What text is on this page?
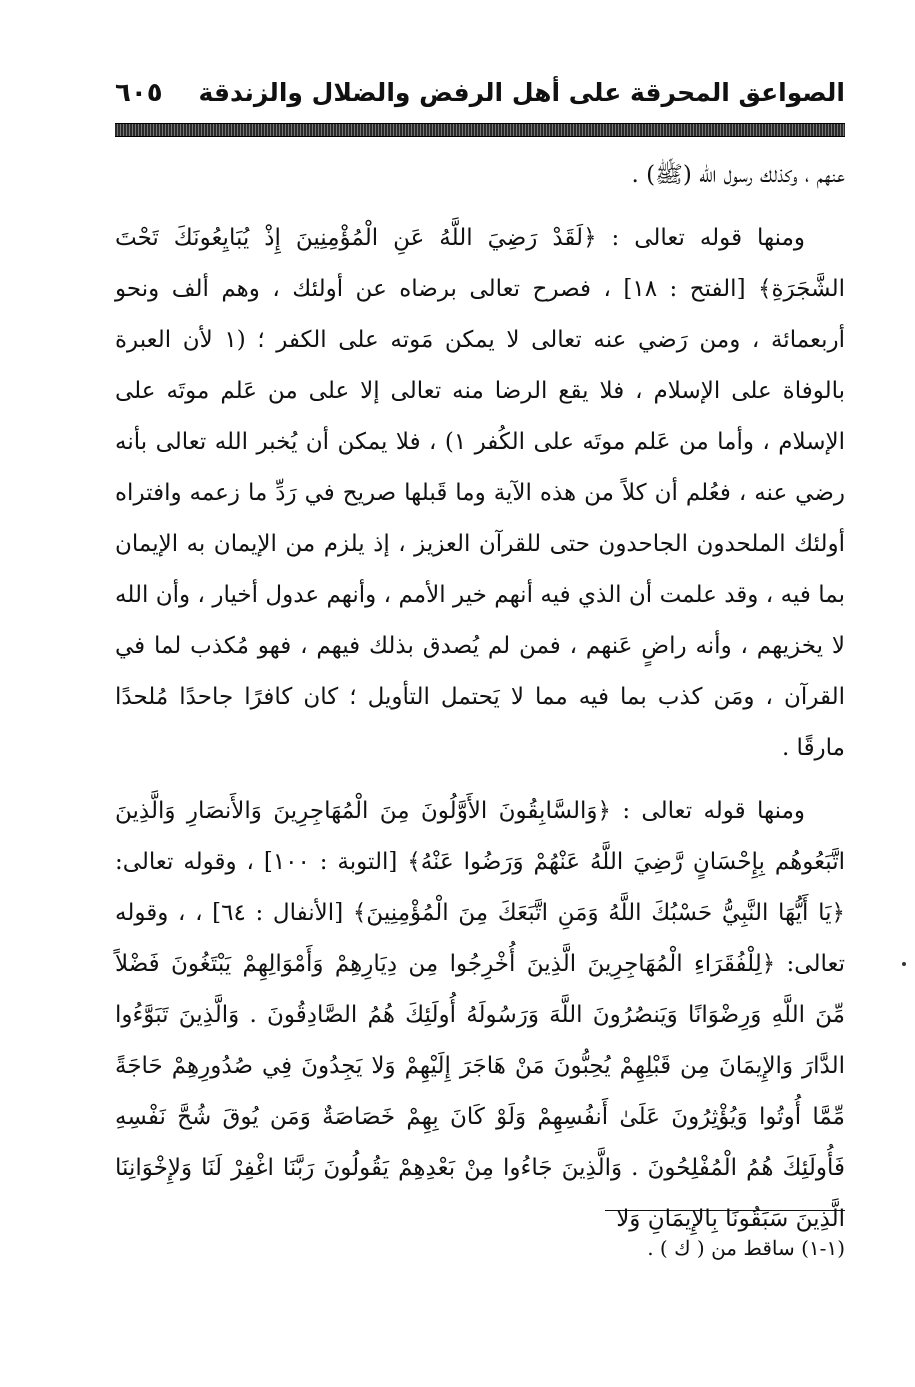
الصواعق المحرقة على أهل الرفض والضلال والزندقة
٦٠٥

عنهم ، وكذلك رسول الله (ﷺ) .

ومنها قوله تعالى : ﴿لَقَدْ رَضِيَ اللَّهُ عَنِ الْمُؤْمِنِينَ إِذْ يُبَايِعُونَكَ تَحْتَ الشَّجَرَةِ﴾ [الفتح : ١٨] ، فصرح تعالى برضاه عن أولئك ، وهم ألف ونحو أربعمائة ، ومن رَضي عنه تعالى لا يمكن مَوته على الكفر ؛ (١ لأن العبرة بالوفاة على الإسلام ، فلا يقع الرضا منه تعالى إلا على من عَلم موتَه على الإسلام ، وأما من عَلم موتَه على الكُفر ١) ، فلا يمكن أن يُخبر الله تعالى بأنه رضي عنه ، فعُلم أن كلاً من هذه الآية وما قَبلها صريح في رَدِّ ما زعمه وافتراه أولئك الملحدون الجاحدون حتى للقرآن العزيز ، إذ يلزم من الإيمان به الإيمان بما فيه ، وقد علمت أن الذي فيه أنهم خير الأمم ، وأنهم عدول أخيار ، وأن الله لا يخزيهم ، وأنه راضٍ عَنهم ، فمن لم يُصدق بذلك فيهم ، فهو مُكذب لما في القرآن ، ومَن كذب بما فيه مما لا يَحتمل التأويل ؛ كان كافرًا جاحدًا مُلحدًا مارقًا .

ومنها قوله تعالى : ﴿وَالسَّابِقُونَ الأَوَّلُونَ مِنَ الْمُهَاجِرِينَ وَالأَنصَارِ وَالَّذِينَ اتَّبَعُوهُم بِإِحْسَانٍ رَّضِيَ اللَّهُ عَنْهُمْ وَرَضُوا عَنْهُ﴾ [التوبة : ١٠٠] ، وقوله تعالى: ﴿يَا أَيُّهَا النَّبِيُّ حَسْبُكَ اللَّهُ وَمَنِ اتَّبَعَكَ مِنَ الْمُؤْمِنِينَ﴾ [الأنفال : ٦٤] ، ، وقوله تعالى: ﴿لِلْفُقَرَاءِ الْمُهَاجِرِينَ الَّذِينَ أُخْرِجُوا مِن دِيَارِهِمْ وَأَمْوَالِهِمْ يَبْتَغُونَ فَضْلاً مِّنَ اللَّهِ وَرِضْوَانًا وَيَنصُرُونَ اللَّهَ وَرَسُولَهُ أُولَئِكَ هُمُ الصَّادِقُونَ . وَالَّذِينَ تَبَوَّءُوا الدَّارَ وَالإِيمَانَ مِن قَبْلِهِمْ يُحِبُّونَ مَنْ هَاجَرَ إِلَيْهِمْ وَلا يَجِدُونَ فِي صُدُورِهِمْ حَاجَةً مِّمَّا أُوتُوا وَيُؤْثِرُونَ عَلَىٰ أَنفُسِهِمْ وَلَوْ كَانَ بِهِمْ خَصَاصَةٌ وَمَن يُوقَ شُحَّ نَفْسِهِ فَأُولَئِكَ هُمُ الْمُفْلِحُونَ . وَالَّذِينَ جَاءُوا مِنْ بَعْدِهِمْ يَقُولُونَ رَبَّنَا اغْفِرْ لَنَا وَلإِخْوَانِنَا الَّذِينَ سَبَقُونَا بِالإِيمَانِ وَلا

(١-١) ساقط من ( ك ) .
